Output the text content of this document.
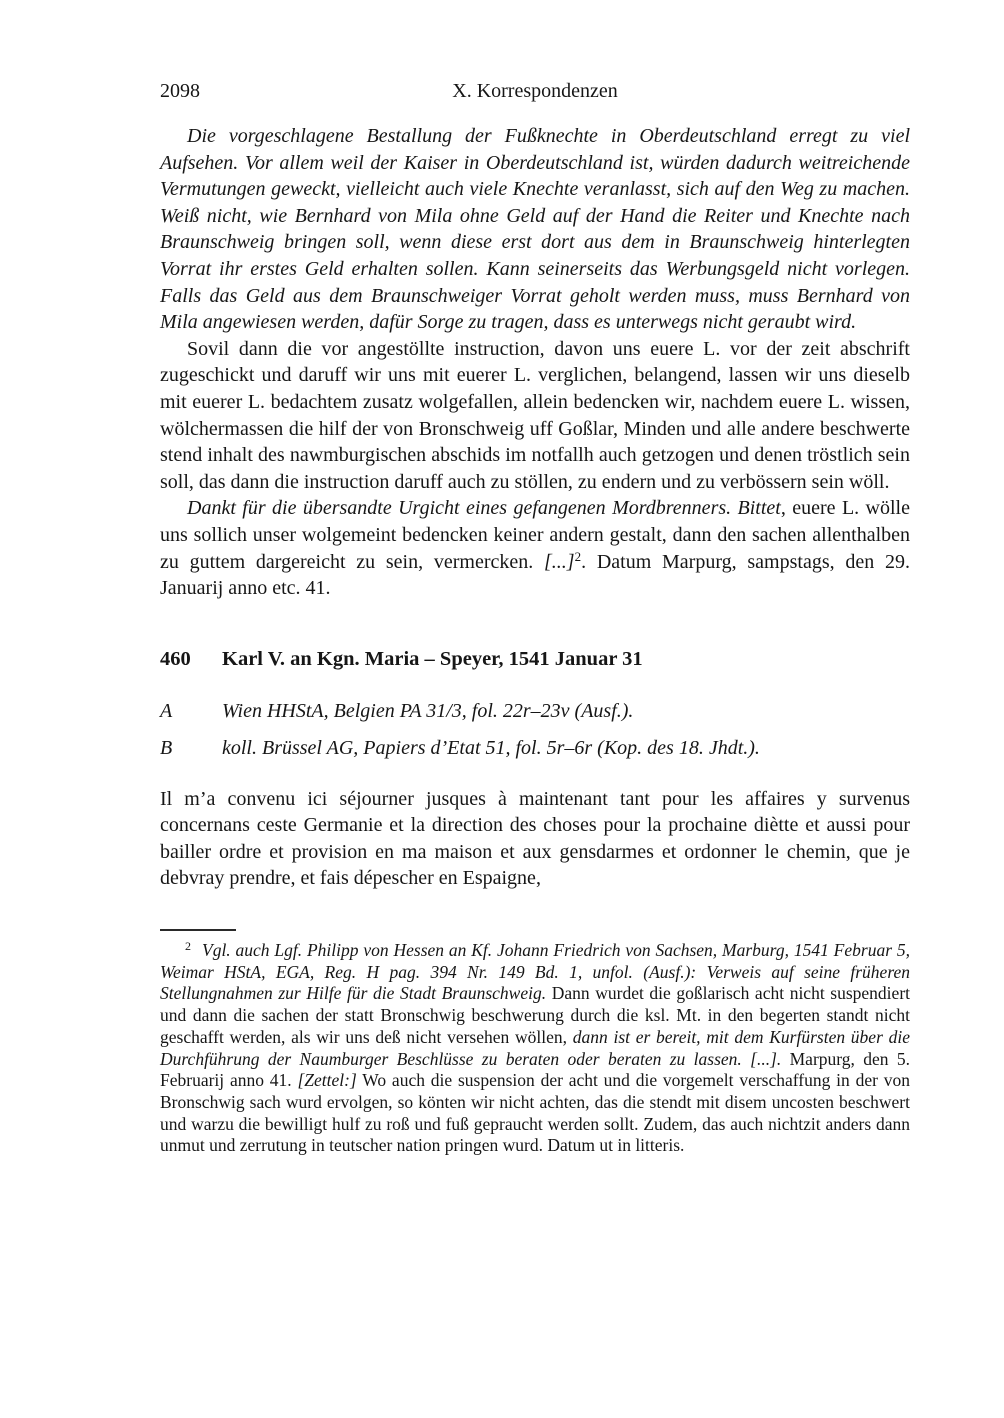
2098	X. Korrespondenzen

Die vorgeschlagene Bestallung der Fußknechte in Oberdeutschland erregt zu viel Aufsehen. Vor allem weil der Kaiser in Oberdeutschland ist, würden dadurch weitreichende Vermutungen geweckt, vielleicht auch viele Knechte veranlasst, sich auf den Weg zu machen. Weiß nicht, wie Bernhard von Mila ohne Geld auf der Hand die Reiter und Knechte nach Braunschweig bringen soll, wenn diese erst dort aus dem in Braunschweig hinterlegten Vorrat ihr erstes Geld erhalten sollen. Kann seinerseits das Werbungsgeld nicht vorlegen. Falls das Geld aus dem Braunschweiger Vorrat geholt werden muss, muss Bernhard von Mila angewiesen werden, dafür Sorge zu tragen, dass es unterwegs nicht geraubt wird.

Sovil dann die vor angestöllte instruction, davon uns euere L. vor der zeit abschrift zugeschickt und daruff wir uns mit euerer L. verglichen, belangend, lassen wir uns dieselb mit euerer L. bedachtem zusatz wolgefallen, allein bedencken wir, nachdem euere L. wissen, wölchermassen die hilf der von Bronschweig uff Goßlar, Minden und alle andere beschwerte stend inhalt des nawmburgischen abschids im notfallh auch getzogen und denen tröstlich sein soll, das dann die instruction daruff auch zu stöllen, zu endern und zu verbössern sein wöll.

Dankt für die übersandte Urgicht eines gefangenen Mordbrenners. Bittet, euere L. wölle uns sollich unser wolgemeint bedencken keiner andern gestalt, dann den sachen allenthalben zu guttem dargereicht zu sein, vermercken. [...]$^2$. Datum Marpurg, sampstags, den 29. Januarij anno etc. 41.

460	Karl V. an Kgn. Maria – Speyer, 1541 Januar 31
A	Wien HHStA, Belgien PA 31/3, fol. 22r–23v (Ausf.).
B	koll. Brüssel AG, Papiers d’Etat 51, fol. 5r–6r (Kop. des 18. Jhdt.).

Il m’a convenu ici séjourner jusques à maintenant tant pour les affaires y survenus concernans ceste Germanie et la direction des choses pour la prochaine diètte et aussi pour bailler ordre et provision en ma maison et aux gensdarmes et ordonner le chemin, que je debvray prendre, et fais dépescher en Espaigne,

$^2$ Vgl. auch Lgf. Philipp von Hessen an Kf. Johann Friedrich von Sachsen, Marburg, 1541 Februar 5, Weimar HStA, EGA, Reg. H pag. 394 Nr. 149 Bd. 1, unfol. (Ausf.): Verweis auf seine früheren Stellungnahmen zur Hilfe für die Stadt Braunschweig. Dann wurdet die goßlarisch acht nicht suspendiert und dann die sachen der statt Bronschwig beschwerung durch die ksl. Mt. in den begerten standt nicht geschafft werden, als wir uns deß nicht versehen wöllen, dann ist er bereit, mit dem Kurfürsten über die Durchführung der Naumburger Beschlüsse zu beraten oder beraten zu lassen. [...]. Marpurg, den 5. Februarij anno 41. [Zettel:] Wo auch die suspension der acht und die vorgemelt verschaffung in der von Bronschwig sach wurd ervolgen, so könten wir nicht achten, das die stendt mit disem uncosten beschwert und warzu die bewilligt hulf zu roß und fuß gepraucht werden sollt. Zudem, das auch nichtzit anders dann unmut und zerrutung in teutscher nation pringen wurd. Datum ut in litteris.
